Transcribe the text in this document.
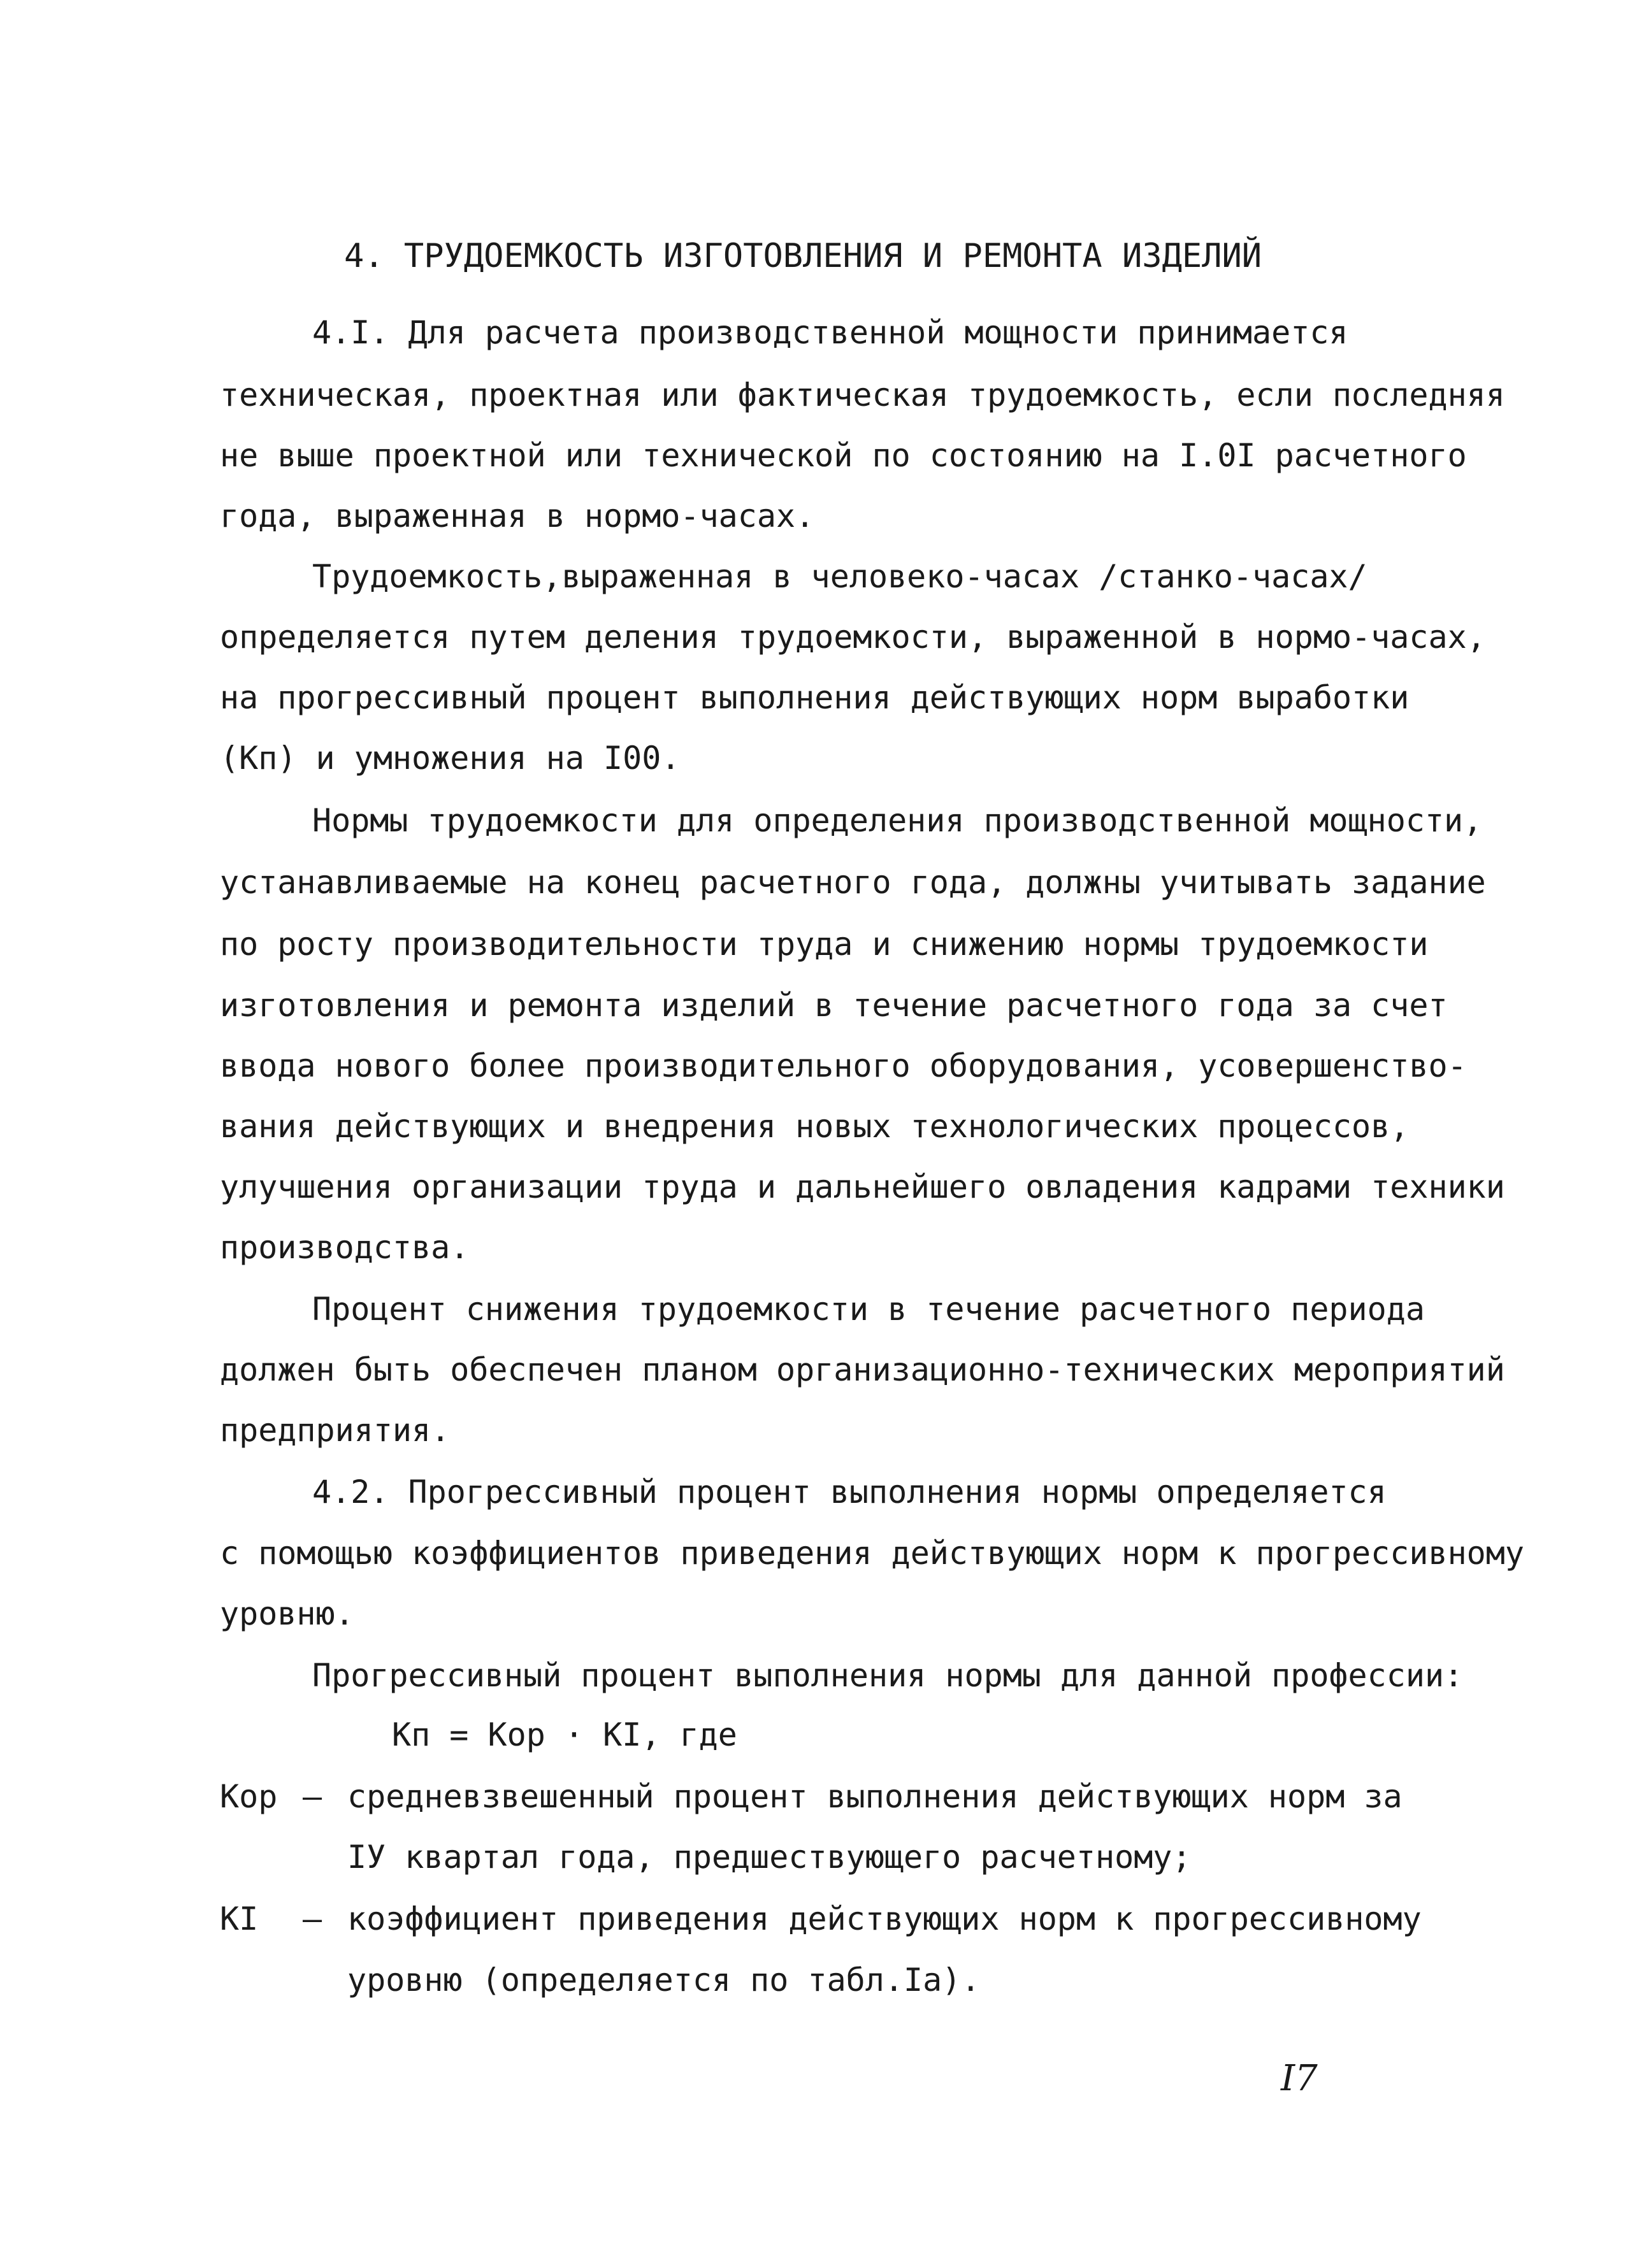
4. ТРУДОЕМКОСТЬ ИЗГОТОВЛЕНИЯ И РЕМОНТА ИЗДЕЛИЙ
4.I. Для расчета производственной мощности принимается
техническая, проектная или фактическая трудоемкость, если последняя
не выше проектной или технической по состоянию на I.0I расчетного
года, выраженная в нормо-часах.
Трудоемкость,выраженная в человеко-часах /станко-часах/
определяется путем деления трудоемкости, выраженной в нормо-часах,
на прогрессивный процент выполнения действующих норм выработки
(Кп) и умножения на I00.
Нормы трудоемкости для определения производственной мощности,
устанавливаемые на конец расчетного года, должны учитывать задание
по росту производительности труда и снижению нормы трудоемкости
изготовления и ремонта изделий в течение расчетного года за счет
ввода нового более производительного оборудования, усовершенство-
вания действующих и внедрения новых технологических процессов,
улучшения организации труда и дальнейшего овладения кадрами техники
производства.
Процент снижения трудоемкости в течение расчетного периода
должен быть обеспечен планом организационно-технических мероприятий
предприятия.
4.2. Прогрессивный процент выполнения нормы определяется
с помощью коэффициентов приведения действующих норм к прогрессивному
уровню.
Прогрессивный процент выполнения нормы для данной профессии:
Кп = Кор · КI, где
Кор – средневзвешенный процент выполнения действующих норм за
IУ квартал года, предшествующего расчетному;
КI – коэффициент приведения действующих норм к прогрессивному
уровню (определяется по табл.Iа).
I7
